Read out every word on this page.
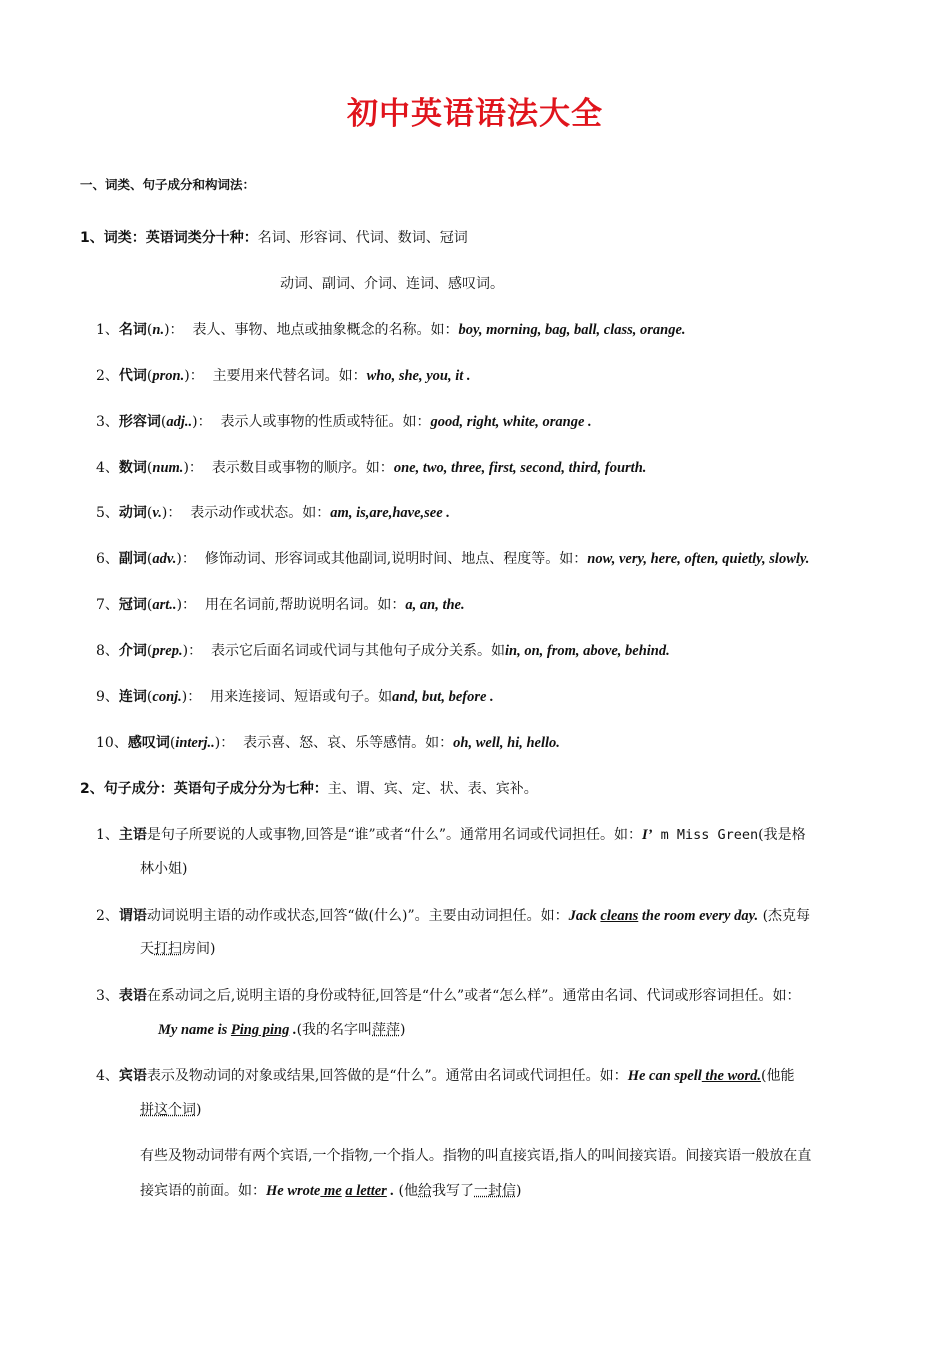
初中英语语法大全
一、词类、句子成分和构词法：
1、词类：英语词类分十种：名词、形容词、代词、数词、冠词
动词、副词、介词、连词、感叹词。
1、名词(n.)：  表人、事物、地点或抽象概念的名称。如：boy, morning, bag, ball, class, orange.
2、代词(pron.)：  主要用来代替名词。如：who, she, you, it .
3、形容词(adj..)：  表示人或事物的性质或特征。如：good, right, white, orange .
4、数词(num.)：  表示数目或事物的顺序。如：one, two, three, first, second, third, fourth.
5、动词(v.)：  表示动作或状态。如：am, is,are,have,see .
6、副词(adv.)：  修饰动词、形容词或其他副词,说明时间、地点、程度等。如：now, very, here, often, quietly, slowly.
7、冠词(art..)：  用在名词前,帮助说明名词。如：a, an, the.
8、介词(prep.)：  表示它后面名词或代词与其他句子成分关系。如in, on, from, above, behind.
9、连词(conj.)：  用来连接词、短语或句子。如and, but, before .
10、感叹词(interj..)：  表示喜、怒、哀、乐等感情。如：oh, well, hi, hello.
2、句子成分：英语句子成分分为七种：主、谓、宾、定、状、表、宾补。
1、主语是句子所要说的人或事物,回答是“谁”或者“什么”。通常用名词或代词担任。如：I’ m Miss Green(我是格
林小姐)
2、谓语动词说明主语的动作或状态,回答“做(什么)”。主要由动词担任。如：Jack cleans the room every day. (杰克每
天打扫房间)
3、表语在系动词之后,说明主语的身份或特征,回答是“什么”或者“怎么样”。通常由名词、代词或形容词担任。如：
My name is Ping ping .(我的名字叫萍萍)
4、宾语表示及物动词的对象或结果,回答做的是“什么”。通常由名词或代词担任。如：He can spell the word.(他能
拼这个词)
有些及物动词带有两个宾语,一个指物,一个指人。指物的叫直接宾语,指人的叫间接宾语。间接宾语一般放在直
接宾语的前面。如：He wrote me a letter . (他给我写了一封信)
